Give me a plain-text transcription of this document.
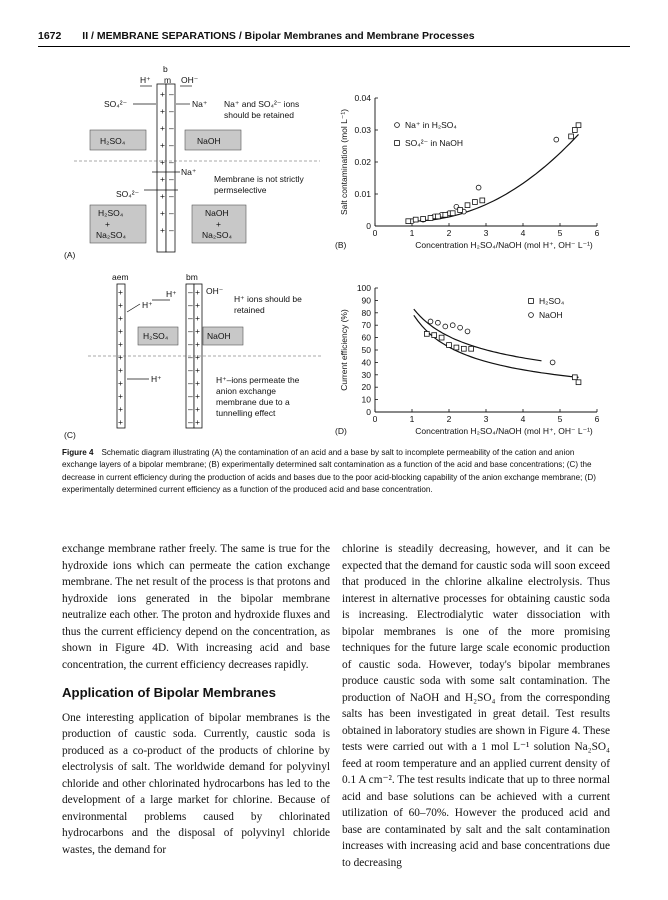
1672 II / MEMBRANE SEPARATIONS / Bipolar Membranes and Membrane Processes
+
+
+
+
+
+
+
+
+
–
–
–
–
–
–
–
–
–
b
m
H⁺	OH⁻
SO₄²⁻	Na⁺ Na⁺ and SO₄²⁻ ions
should be retained
H₂SO₄	NaOH
Na⁺
Membrane is not strictly
permselective
SO₄²⁻
H₂SO₄
+
Na₂SO₄
NaOH
+
Na₂SO₄
(A)
0	1	2	3	4	5	6
0
0.01
0.02
0.03
0.04
Concentration H₂SO₄/NaOH (mol H⁺, OH⁻ L⁻¹)
Salt contamination (mol L⁻¹)
(B)
Na⁺ in H₂SO₄
SO₄²⁻ in NaOH
aem	bm
+
+
+
+
+
+
+
+
+
+
+
–
–
–
–
–
–
–
–
–
–
–
+
+
+
+
+
+
+
+
+
+
+
H⁺	OH⁻
H⁺
H⁺ ions should be
retained
H₂SO₄	NaOH
H⁺	H⁺–ions permeate the
anion exchange
membrane due to a
tunnelling effect
(C)
0	1	2	3	4	5	6
0
10
20
30
40
50
60
70
80
90
100
Concentration H₂SO₄/NaOH (mol H⁺, OH⁻ L⁻¹)
Current efficiency (%)
(D)
H₂SO₄
NaOH
Figure 4 Schematic diagram illustrating (A) the contamination of an acid and a base by salt to incomplete permeability of the cation and anion exchange layers of a bipolar membrane; (B) experimentally determined salt contamination as a function of the acid and base concentrations; (C) the decrease in current efficiency during the production of acids and bases due to the poor acid-blocking capability of the anion exchange membrane; (D) experimentally determined current efficiency as a function of the produced acid and base concentration.

exchange membrane rather freely. The same is true for the hydroxide ions which can permeate the cation exchange membrane. The net result of the process is that protons and hydroxide ions generated in the bipolar membrane neutralize each other. The proton and hydroxide fluxes and thus the current efficiency depend on the concentration, as shown in Figure 4D. With increasing acid and base concentration, the current efficiency decreases rapidly.

Application of Bipolar Membranes

One interesting application of bipolar membranes is the production of caustic soda. Currently, caustic soda is produced as a co-product of the products of chlorine by electrolysis of salt. The worldwide demand for polyvinyl chloride and other chlorinated hydrocarbons has led to the development of a large market for chlorine. Because of environmental problems caused by chlorinated hydrocarbons and the disposal of polyvinyl chloride wastes, the demand for

chlorine is steadily decreasing, however, and it can be expected that the demand for caustic soda will soon exceed that produced in the chlorine alkaline electrolysis. Thus interest in alternative processes for obtaining caustic soda is increasing. Electrodialytic water dissociation with bipolar membranes is one of the more promising techniques for the future large scale economic production of caustic soda. However, today's bipolar membranes produce caustic soda with some salt contamination. The production of NaOH and H₂SO₄ from the corresponding salts has been investigated in great detail. Test results obtained in laboratory studies are shown in Figure 4. These tests were carried out with a 1 mol L⁻¹ solution Na₂SO₄ feed at room temperature and an applied current density of 0.1 A cm⁻². The test results indicate that up to three normal acid and base solutions can be achieved with a current utilization of 60–70%. However the produced acid and base are contaminated by salt and the salt contamination increases with increasing acid and base concentrations due to decreasing
